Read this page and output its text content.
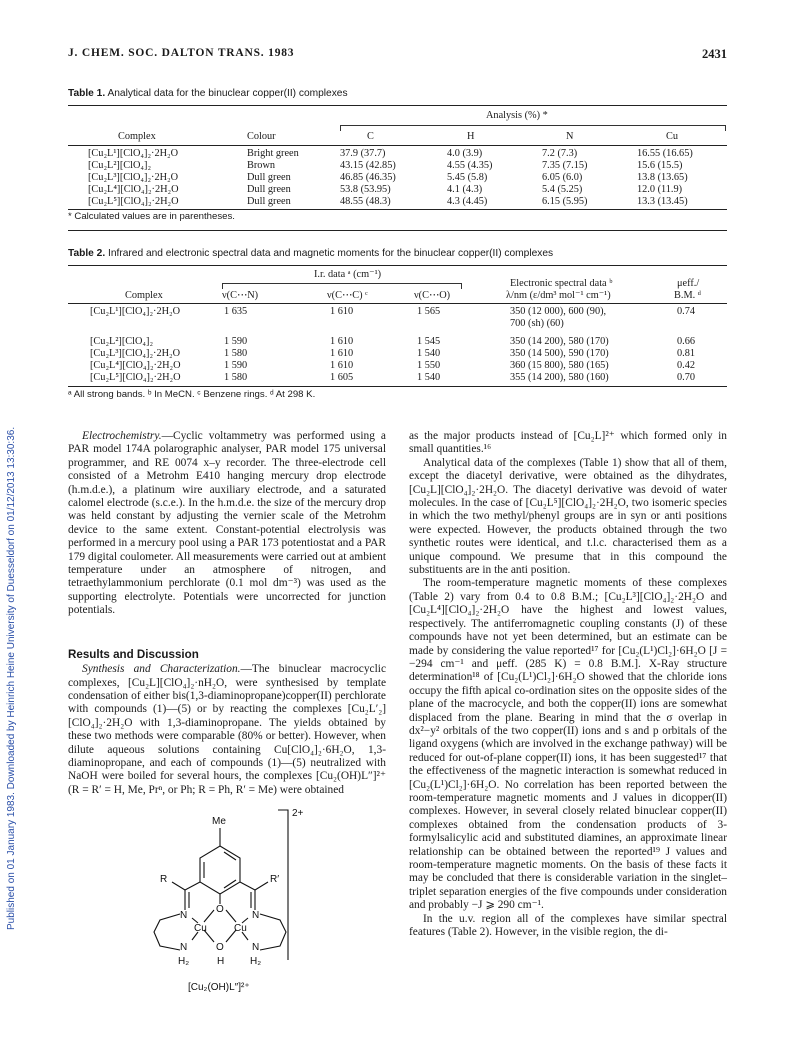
Published on 01 January 1983. Downloaded by Heinrich Heine University of Duesseldorf on 01/12/2013 13:30:36.
J. CHEM. SOC. DALTON TRANS. 1983	2431
Table 1. Analytical data for the binuclear copper(II) complexes
Analysis (%) *
Complex	Colour	C	H	N	Cu
[Cu₂L¹][ClO₄]₂·2H₂O	Bright green	37.9 (37.7)	4.0 (3.9)	7.2 (7.3)	16.55 (16.65)
[Cu₂L²][ClO₄]₂	Brown	43.15 (42.85)	4.55 (4.35)	7.35 (7.15)	15.6 (15.5)
[Cu₂L³][ClO₄]₂·2H₂O	Dull green	46.85 (46.35)	5.45 (5.8)	6.05 (6.0)	13.8 (13.65)
[Cu₂L⁴][ClO₄]₂·2H₂O	Dull green	53.8 (53.95)	4.1 (4.3)	5.4 (5.25)	12.0 (11.9)
[Cu₂L⁵][ClO₄]₂·2H₂O	Dull green	48.55 (48.3)	4.3 (4.45)	6.15 (5.95)	13.3 (13.45)
* Calculated values are in parentheses.
Table 2. Infrared and electronic spectral data and magnetic moments for the binuclear copper(II) complexes
I.r. data ᵃ (cm⁻¹)
Complex	ν(C⋯N)	ν(C⋯C) ᶜ	ν(C⋯O)
Electronic spectral data ᵇ
λ/nm (ε/dm³ mol⁻¹ cm⁻¹)
μeff./
B.M. ᵈ
[Cu₂L¹][ClO₄]₂·2H₂O	1 635	1 610	1 565	350 (12 000), 600 (90),	0.74
700 (sh) (60)
[Cu₂L²][ClO₄]₂	1 590	1 610	1 545	350 (14 200), 580 (170)	0.66
[Cu₂L³][ClO₄]₂·2H₂O	1 580	1 610	1 540	350 (14 500), 590 (170)	0.81
[Cu₂L⁴][ClO₄]₂·2H₂O	1 590	1 610	1 550	360 (15 800), 580 (165)	0.42
[Cu₂L⁵][ClO₄]₂·2H₂O	1 580	1 605	1 540	355 (14 200), 580 (160)	0.70
ᵃ All strong bands. ᵇ In MeCN. ᶜ Benzene rings. ᵈ At 298 K.

Electrochemistry.—Cyclic voltammetry was performed using a PAR model 174A polarographic analyser, PAR model 175 universal programmer, and RE 0074 x–y recorder. The three-electrode cell consisted of a Metrohm E410 hanging mercury drop electrode (h.m.d.e.), a platinum wire auxiliary electrode, and a saturated calomel electrode (s.c.e.). In the h.m.d.e. the size of the mercury drop was held constant by adjusting the vernier scale of the Metrohm device to the same extent. Constant-potential electrolysis was performed in a mercury pool using a PAR 173 potentiostat and a PAR 179 digital coulometer. All measurements were carried out at ambient temperature under an atmosphere of nitrogen, and tetraethylammonium perchlorate (0.1 mol dm⁻³) was used as the supporting electrolyte. Potentials were uncorrected for junction potentials.

Results and Discussion

Synthesis and Characterization.—The binuclear macrocyclic complexes, [Cu₂L][ClO₄]₂·nH₂O, were synthesised by template condensation of either bis(1,3-diaminopropane)copper(II) perchlorate with compounds (1)—(5) or by reacting the complexes [Cu₂L′₂][ClO₄]₂·2H₂O with 1,3-diaminopropane. The yields obtained by these two methods were comparable (80% or better). However, when dilute aqueous solutions containing Cu[ClO₄]₂·6H₂O, 1,3-diaminopropane, and each of compounds (1)—(5) neutralized with NaOH were boiled for several hours, the complexes [Cu₂(OH)L″]²⁺ (R = R′ = H, Me, Prⁿ, or Ph; R = Ph, R′ = Me) were obtained

as the major products instead of [Cu₂L]²⁺ which formed only in small quantities.¹⁶

Analytical data of the complexes (Table 1) show that all of them, except the diacetyl derivative, were obtained as the dihydrates, [Cu₂L][ClO₄]₂·2H₂O. The diacetyl derivative was devoid of water molecules. In the case of [Cu₂L⁵][ClO₄]₂·2H₂O, two isomeric species in which the two methyl/phenyl groups are in syn or anti positions were expected. However, the products obtained through the two synthetic routes were identical, and t.l.c. characterised them as a unique compound. We presume that in this compound the substituents are in the anti position.

The room-temperature magnetic moments of these complexes (Table 2) vary from 0.4 to 0.8 B.M.; [Cu₂L³][ClO₄]₂·2H₂O and [Cu₂L⁴][ClO₄]₂·2H₂O have the highest and lowest values, respectively. The antiferromagnetic coupling constants (J) of these compounds have not yet been determined, but an estimate can be made by considering the value reported¹⁷ for [Cu₂(L¹)Cl₂]·6H₂O [J = −294 cm⁻¹ and μeff. (285 K) = 0.8 B.M.]. X-Ray structure determination¹⁸ of [Cu₂(L¹)Cl₂]·6H₂O showed that the chloride ions occupy the fifth apical co-ordination sites on the opposite sides of the plane of the macrocycle, and both the copper(II) ions are somewhat displaced from the plane. Bearing in mind that the σ overlap in dx²−y² orbitals of the two copper(II) ions and s and p orbitals of the ligand oxygens (which are involved in the exchange pathway) will be reduced for out-of-plane copper(II) ions, it has been suggested¹⁷ that the effectiveness of the magnetic interaction is somewhat reduced in [Cu₂(L¹)Cl₂]·6H₂O. No correlation has been reported between the room-temperature magnetic moments and J values in dicopper(II) complexes. However, in several closely related binuclear copper(II) complexes obtained from the condensation products of 3-formylsalicylic acid and substituted diamines, an approximate linear relationship can be obtained between the reported¹⁹ J values and room-temperature magnetic moments. On the basis of these facts it may be concluded that there is considerable variation in the singlet–triplet separation energies of the five compounds under consideration and probably −J ⩾ 290 cm⁻¹.

In the u.v. region all of the complexes have similar spectral features (Table 2). However, in the visible region, the di-

Me
2+
R	R′
O
Cu	Cu
O
N	N
N	N
H₂	H	H₂
[Cu₂(OH)L″]²⁺
